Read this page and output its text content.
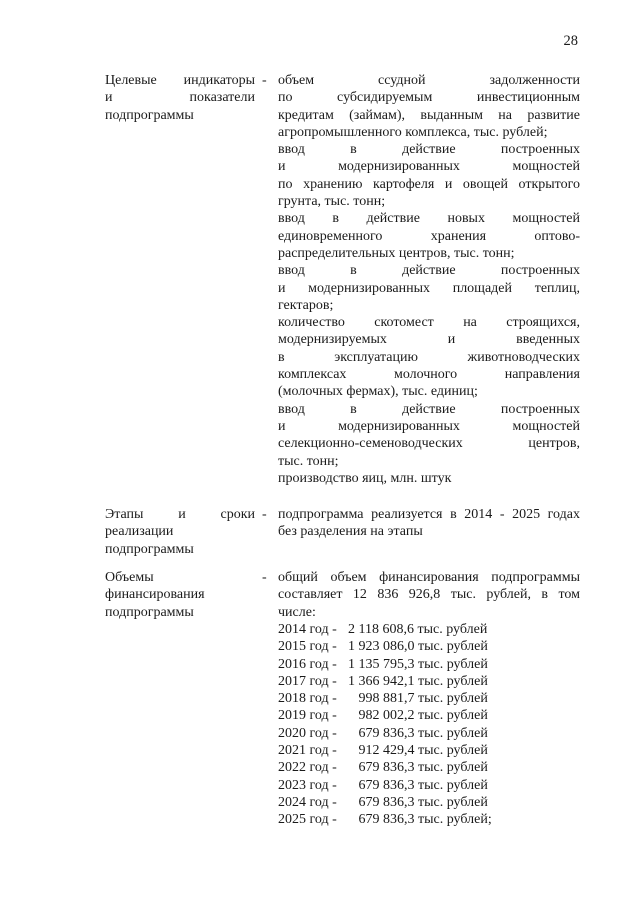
28
Целевые индикаторы
и показатели
подпрограммы
- объем ссудной задолженности
по субсидируемым инвестиционным
кредитам (займам), выданным на развитие
агропромышленного комплекса, тыс. рублей;
ввод в действие построенных
и модернизированных мощностей
по хранению картофеля и овощей открытого
грунта, тыс. тонн;
ввод в действие новых мощностей
единовременного хранения оптово-
распределительных центров, тыс. тонн;
ввод в действие построенных
и модернизированных площадей теплиц,
гектаров;
количество скотомест на строящихся,
модернизируемых и введенных
в эксплуатацию животноводческих
комплексах молочного направления
(молочных фермах), тыс. единиц;
ввод в действие построенных
и модернизированных мощностей
селекционно-семеноводческих центров,
тыс. тонн;
производство яиц, млн. штук
Этапы и сроки
реализации
подпрограммы
- подпрограмма реализуется в 2014 - 2025 годах
без разделения на этапы
Объемы
финансирования
подпрограммы
- общий объем финансирования подпрограммы
составляет 12 836 926,8 тыс. рублей, в том
числе:
2014 год - 2 118 608,6 тыс. рублей
2015 год - 1 923 086,0 тыс. рублей
2016 год - 1 135 795,3 тыс. рублей
2017 год - 1 366 942,1 тыс. рублей
2018 год -   998 881,7 тыс. рублей
2019 год -   982 002,2 тыс. рублей
2020 год -   679 836,3 тыс. рублей
2021 год -   912 429,4 тыс. рублей
2022 год -   679 836,3 тыс. рублей
2023 год -   679 836,3 тыс. рублей
2024 год -   679 836,3 тыс. рублей
2025 год -   679 836,3 тыс. рублей;
